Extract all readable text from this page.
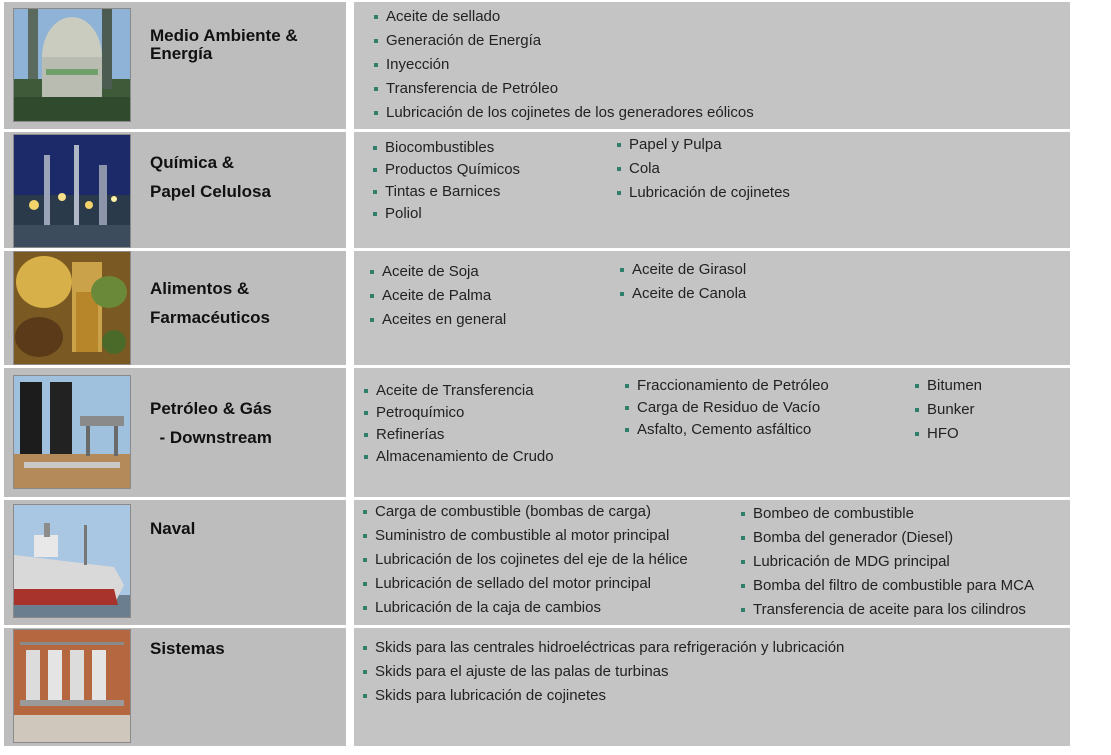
Medio Ambiente &
Energía
Aceite de sellado
Generación de Energía
Inyección
Transferencia de Petróleo
Lubricación de los cojinetes de los generadores eólicos
Química &
Papel Celulosa
Biocombustibles
Productos Químicos
Tintas e Barnices
Poliol
Papel y Pulpa
Cola
Lubricación de cojinetes
Alimentos &
Farmacéuticos
Aceite de Soja
Aceite de Palma
Aceites en general
Aceite de Girasol
Aceite de Canola
Petróleo & Gás
- Downstream
Aceite de Transferencia
Petroquímico
Refinerías
Almacenamiento de Crudo
Fraccionamiento de Petróleo
Carga de Residuo de Vacío
Asfalto, Cemento asfáltico
Bitumen
Bunker
HFO
Naval
Carga de combustible (bombas de carga)
Suministro de combustible al motor principal
Lubricación de los cojinetes del eje de la hélice
Lubricación de sellado del motor principal
Lubricación de la caja de cambios
Bombeo de combustible
Bomba del generador (Diesel)
Lubricación de MDG principal
Bomba del filtro de combustible para MCA
Transferencia de aceite para los cilindros
Sistemas	Skids para las centrales hidroeléctricas para refrigeración y lubricación
Skids para el ajuste de las palas de turbinas
Skids para lubricación de cojinetes
